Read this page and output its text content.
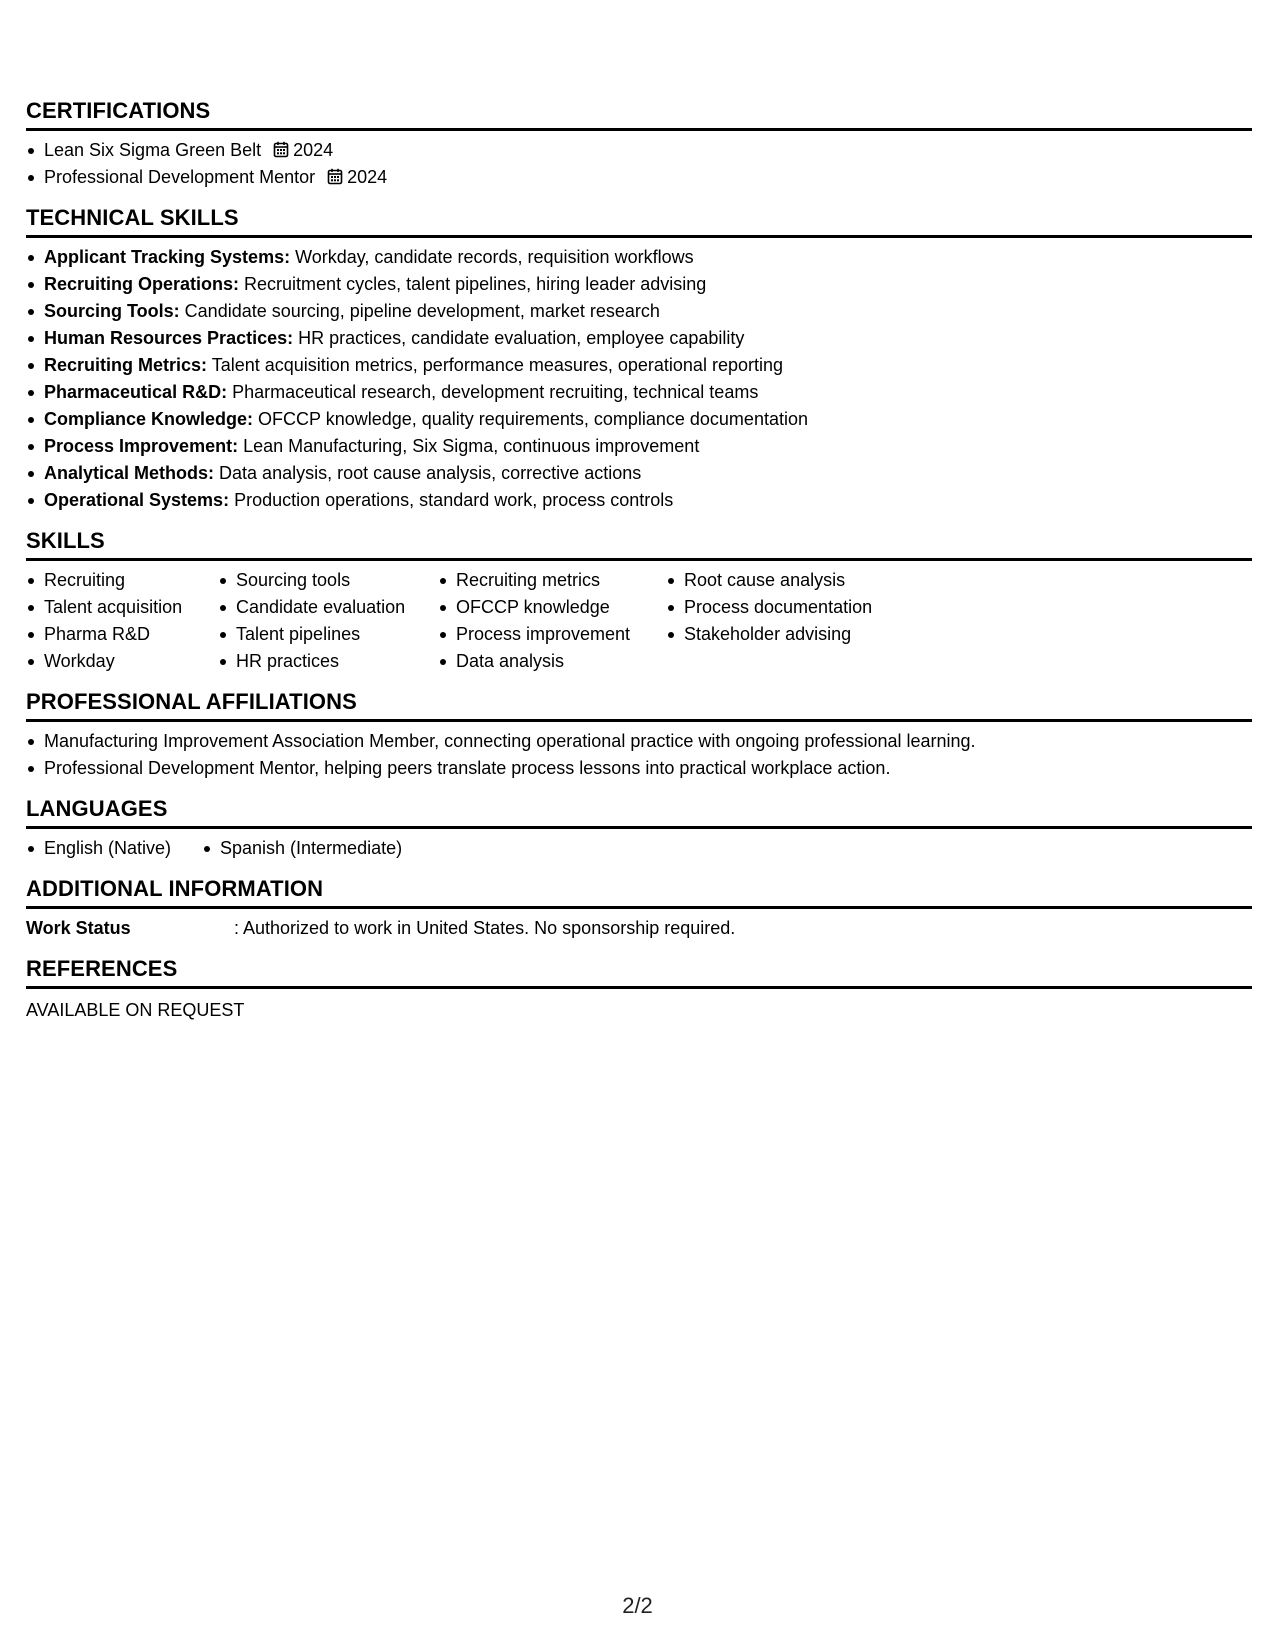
CERTIFICATIONS
Lean Six Sigma Green Belt 2024
Professional Development Mentor 2024
TECHNICAL SKILLS
Applicant Tracking Systems: Workday, candidate records, requisition workflows
Recruiting Operations: Recruitment cycles, talent pipelines, hiring leader advising
Sourcing Tools: Candidate sourcing, pipeline development, market research
Human Resources Practices: HR practices, candidate evaluation, employee capability
Recruiting Metrics: Talent acquisition metrics, performance measures, operational reporting
Pharmaceutical R&D: Pharmaceutical research, development recruiting, technical teams
Compliance Knowledge: OFCCP knowledge, quality requirements, compliance documentation
Process Improvement: Lean Manufacturing, Six Sigma, continuous improvement
Analytical Methods: Data analysis, root cause analysis, corrective actions
Operational Systems: Production operations, standard work, process controls
SKILLS
Recruiting
Talent acquisition
Pharma R&D
Workday
Sourcing tools
Candidate evaluation
Talent pipelines
HR practices
Recruiting metrics
OFCCP knowledge
Process improvement
Data analysis
Root cause analysis
Process documentation
Stakeholder advising
PROFESSIONAL AFFILIATIONS
Manufacturing Improvement Association Member, connecting operational practice with ongoing professional learning.
Professional Development Mentor, helping peers translate process lessons into practical workplace action.
LANGUAGES
English (Native)	Spanish (Intermediate)
ADDITIONAL INFORMATION
Work Status	: Authorized to work in United States. No sponsorship required.
REFERENCES
AVAILABLE ON REQUEST
2/2
